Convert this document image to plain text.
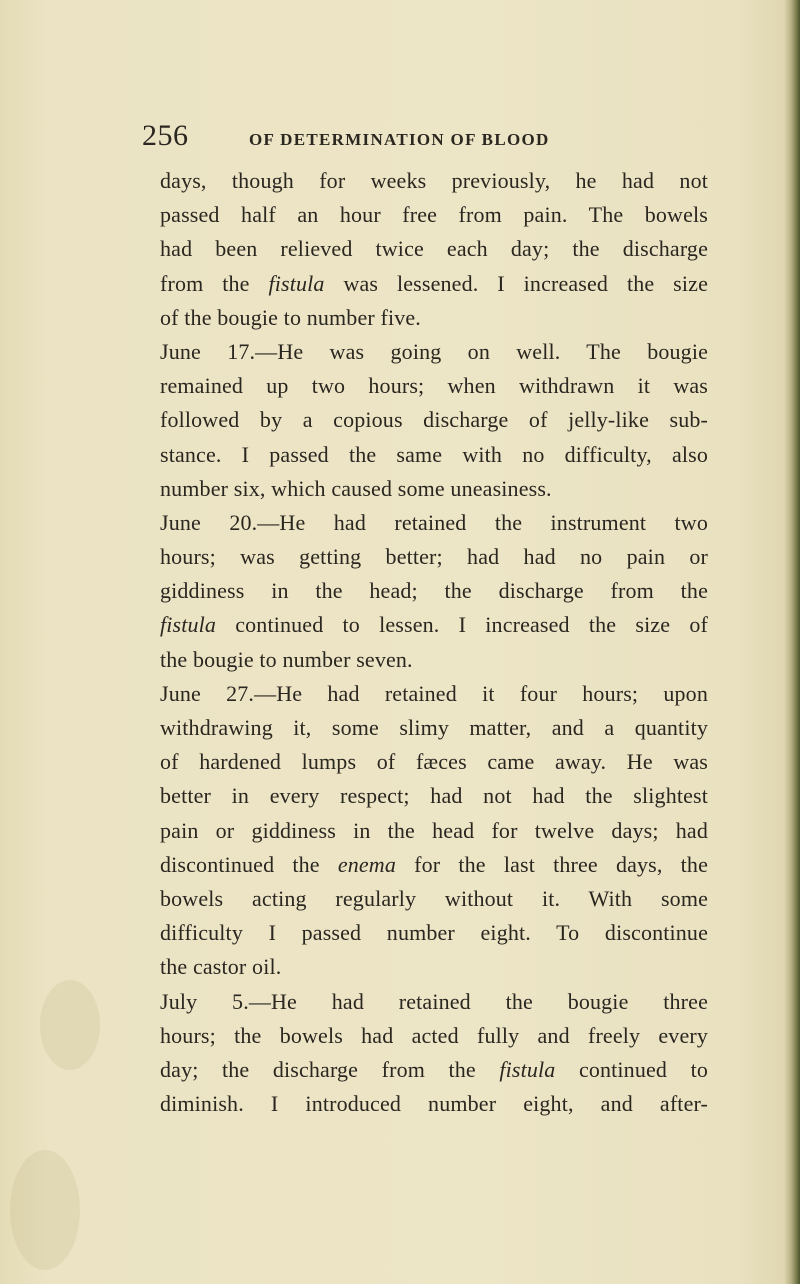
256	OF DETERMINATION OF BLOOD
days, though for weeks previously, he had not
passed half an hour free from pain. The bowels
had been relieved twice each day; the discharge
from the fistula was lessened. I increased the size
of the bougie to number five.
June 17.—He was going on well. The bougie
remained up two hours; when withdrawn it was
followed by a copious discharge of jelly-like sub-
stance. I passed the same with no difficulty, also
number six, which caused some uneasiness.
June 20.—He had retained the instrument two
hours; was getting better; had had no pain or
giddiness in the head; the discharge from the
fistula continued to lessen. I increased the size of
the bougie to number seven.
June 27.—He had retained it four hours; upon
withdrawing it, some slimy matter, and a quantity
of hardened lumps of fæces came away. He was
better in every respect; had not had the slightest
pain or giddiness in the head for twelve days; had
discontinued the enema for the last three days, the
bowels acting regularly without it. With some
difficulty I passed number eight. To discontinue
the castor oil.
July 5.—He had retained the bougie three
hours; the bowels had acted fully and freely every
day; the discharge from the fistula continued to
diminish. I introduced number eight, and after-
